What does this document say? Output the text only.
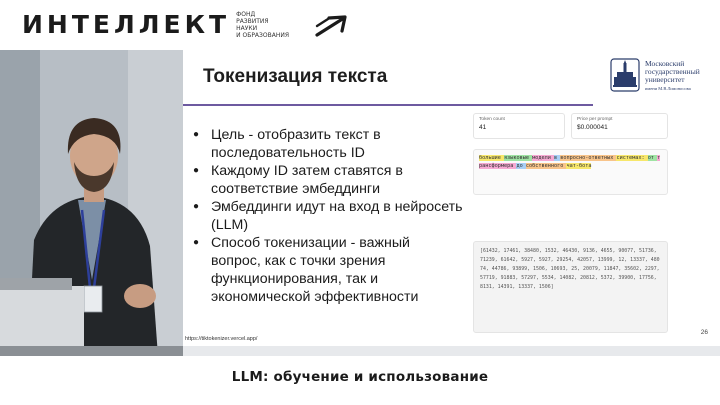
ИНТЕЛЛЕКТ ФОНД
РАЗВИТИЯ
НАУКИ
И ОБРАЗОВАНИЯ
Токенизация текста
Московский
государственный
университет
имени М.В.Ломоносова
● Цель - отобразить текст в последовательность ID
● Каждому ID затем ставятся в соответствие эмбеддинги
● Эмбеддинги идут на вход в нейросеть (LLM)
● Способ токенизации - важный вопрос, как с точки зрения функционирования, так и экономической эффективности
Token count
41
Price per prompt
$0.000041
большие языковые модели в вопросно-ответных системах: от трансформера до собственного чат-бота
[61432, 17461, 38480, 1532, 46430, 9136, 4655, 90077, 51736, 71239, 61642, 5927, 5927, 29254, 42057, 13999, 12, 13337, 48074, 44786, 93899, 1506, 10693, 25, 20079, 11847, 35602, 2297, 57719, 91883, 57297, 5534, 14082, 20812, 5372, 39900, 17756, 8131, 14391, 13337, 1506]
https://tiktokenizer.vercel.app/
26
LLM: обучение и использование
